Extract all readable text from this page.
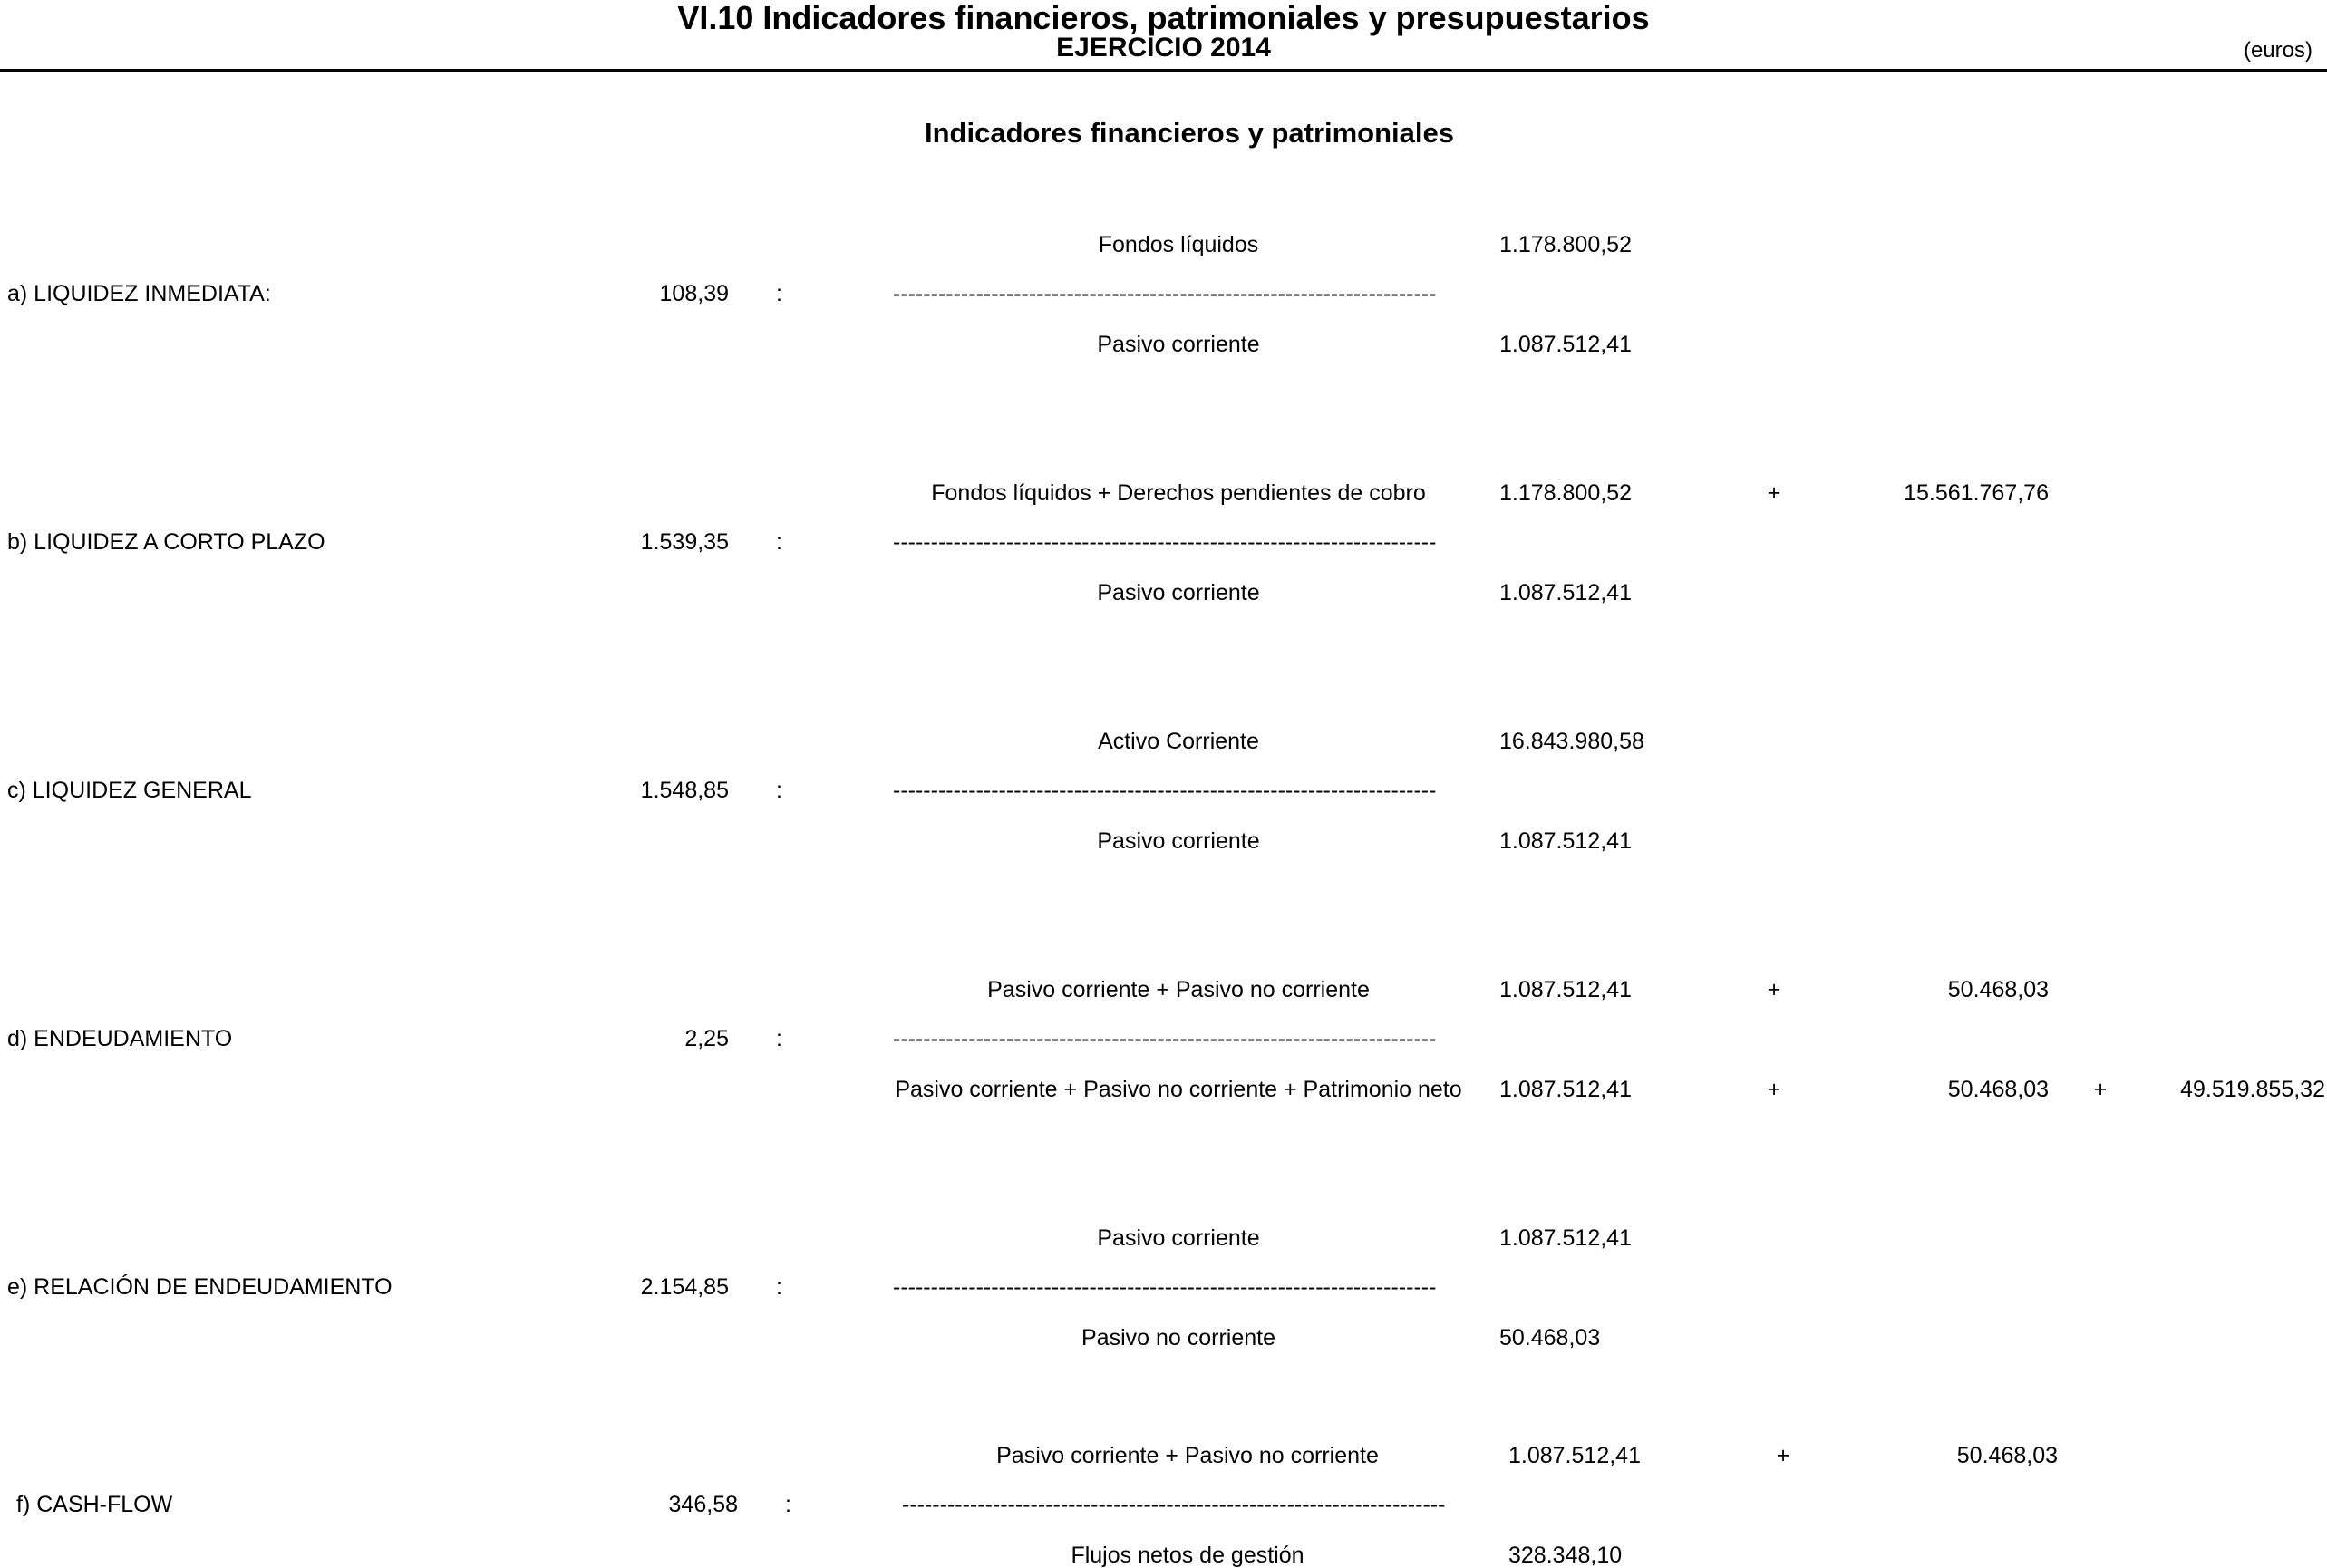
VI.10 Indicadores financieros, patrimoniales y presupuestarios
EJERCICIO 2014	(euros)
Indicadores financieros y patrimoniales
Fondos líquidos	1.178.800,52
a) LIQUIDEZ INMEDIATA:	108,39 :	------------------------------------------------------------------------
Pasivo corriente	1.087.512,41
Fondos líquidos + Derechos pendientes de cobro	1.178.800,52	+	15.561.767,76
b) LIQUIDEZ A CORTO PLAZO	1.539,35 :	------------------------------------------------------------------------
Pasivo corriente	1.087.512,41
Activo Corriente	16.843.980,58
c) LIQUIDEZ GENERAL	1.548,85 :	------------------------------------------------------------------------
Pasivo corriente	1.087.512,41
Pasivo corriente + Pasivo no corriente	1.087.512,41	+	50.468,03
d) ENDEUDAMIENTO	2,25 :	------------------------------------------------------------------------
Pasivo corriente + Pasivo no corriente + Patrimonio neto	1.087.512,41	+	50.468,03	+	49.519.855,32
Pasivo corriente	1.087.512,41
e) RELACIÓN DE ENDEUDAMIENTO	2.154,85 :	------------------------------------------------------------------------
Pasivo no corriente	50.468,03
Pasivo corriente + Pasivo no corriente	1.087.512,41	+	50.468,03
f) CASH-FLOW	346,58 :	------------------------------------------------------------------------
Flujos netos de gestión	328.348,10
